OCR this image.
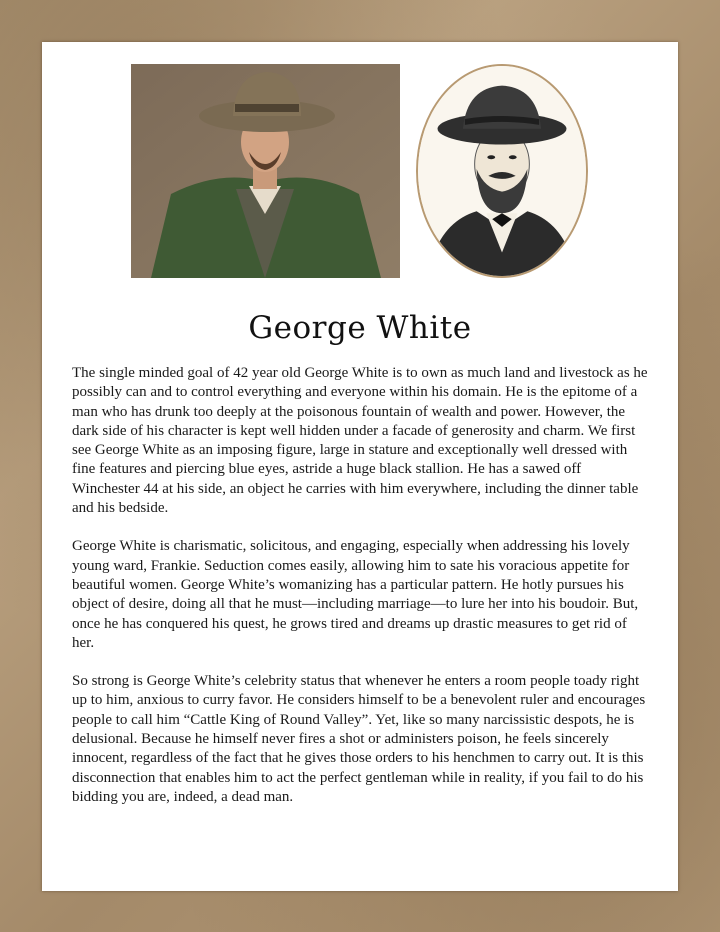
George White

The single minded goal of 42 year old George White is to own as much land and livestock as he possibly can and to control everything and everyone within his domain. He is the epitome of a man who has drunk too deeply at the poisonous fountain of wealth and power. However, the dark side of his character is kept well hidden under a facade of generosity and charm. We first see George White as an imposing figure, large in stature and exceptionally well dressed with fine features and piercing blue eyes, astride a huge black stallion. He has a sawed off Winchester 44 at his side, an object he carries with him everywhere, including the dinner table and his bedside.

George White is charismatic, solicitous, and engaging, especially when addressing his lovely young ward, Frankie. Seduction comes easily, allowing him to sate his voracious appetite for beautiful women. George White’s womanizing has a particular pattern. He hotly pursues his object of desire, doing all that he must—including marriage—to lure her into his boudoir. But, once he has conquered his quest, he grows tired and dreams up drastic measures to get rid of her.

So strong is George White’s celebrity status that whenever he enters a room people toady right up to him, anxious to curry favor. He considers himself to be a benevolent ruler and encourages people to call him “Cattle King of Round Valley”. Yet, like so many narcissistic despots, he is delusional. Because he himself never fires a shot or administers poison, he feels sincerely innocent, regardless of the fact that he gives those orders to his henchmen to carry out. It is this disconnection that enables him to act the perfect gentleman while in reality, if you fail to do his bidding you are, indeed, a dead man.
